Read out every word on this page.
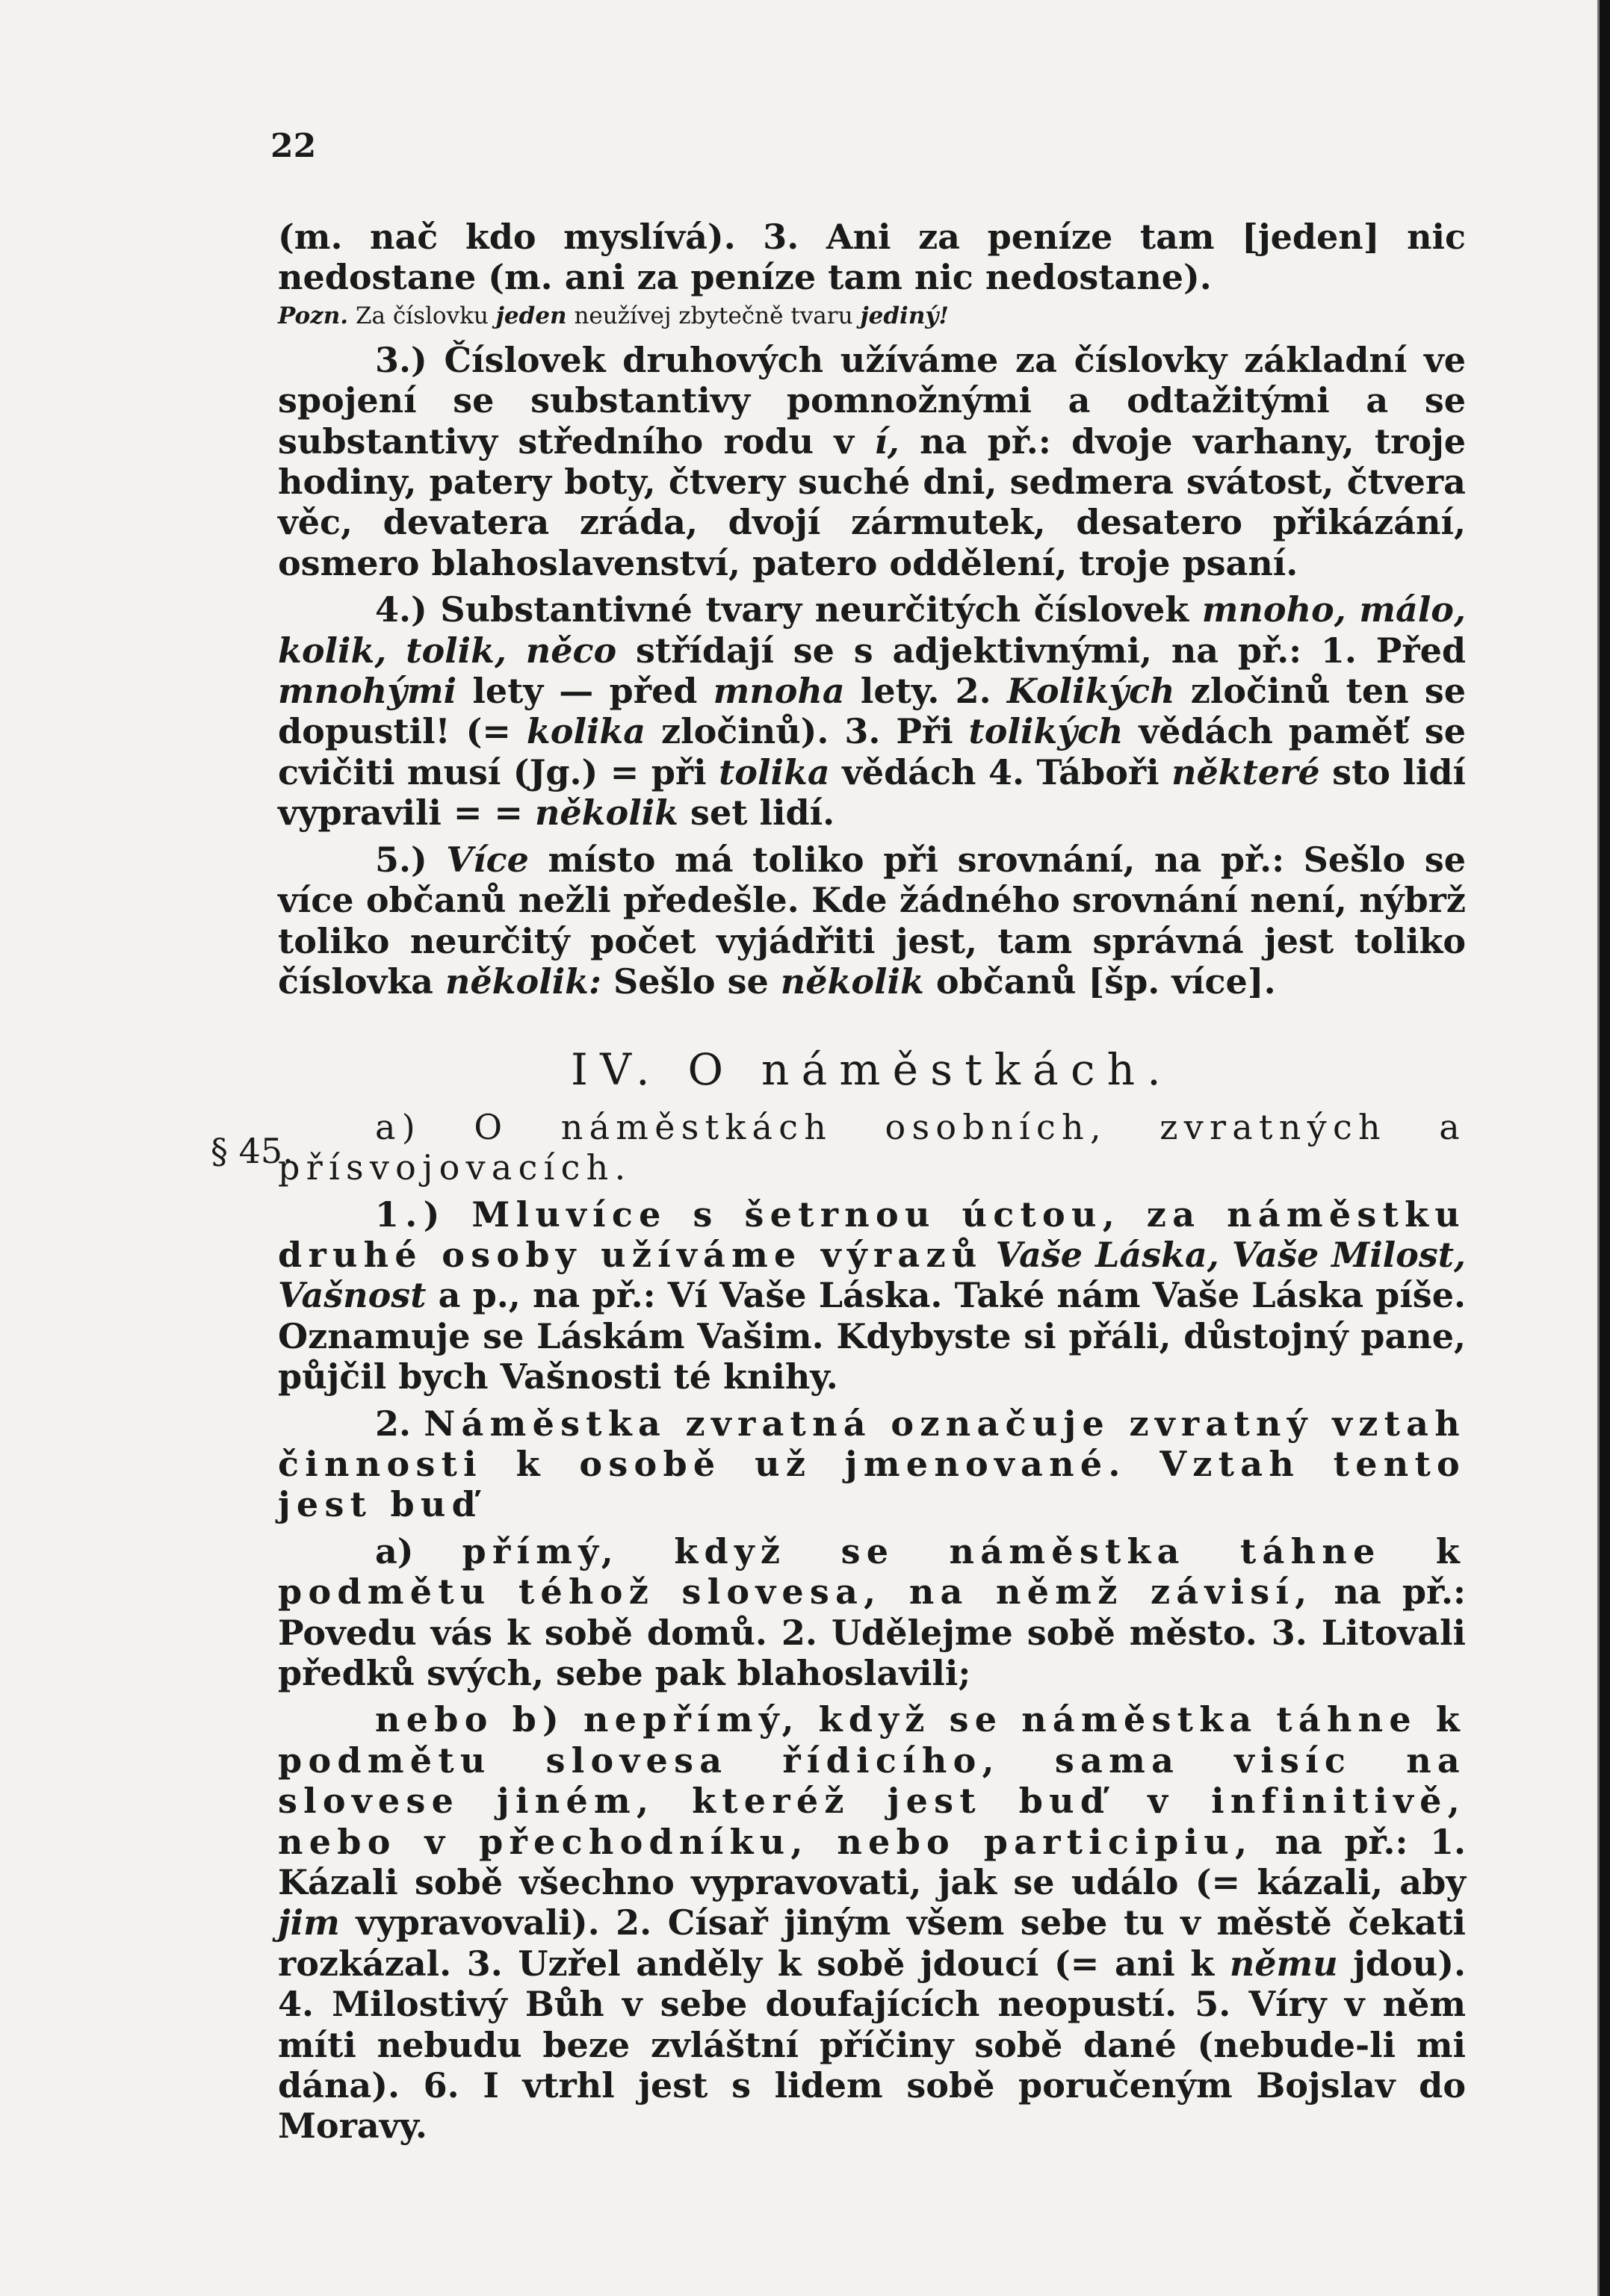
22
§ 45.

(m. nač kdo myslívá). 3. Ani za peníze tam [jeden] nic nedostane (m. ani za peníze tam nic nedostane).

Pozn. Za číslovku jeden neužívej zbytečně tvaru jediný!

3.) Číslovek druhových užíváme za číslovky základní ve spojení se substantivy pomnožnými a odtažitými a se substantivy středního rodu v í, na př.: dvoje varhany, troje hodiny, patery boty, čtvery suché dni, sedmera svátost, čtvera věc, devatera zráda, dvojí zármutek, desatero přikázání, osmero blahoslavenství, patero oddělení, troje psaní.

4.) Substantivné tvary neurčitých číslovek mnoho, málo, kolik, tolik, něco střídají se s adjektivnými, na př.: 1. Před mnohými lety — před mnoha lety. 2. Kolikých zločinů ten se dopustil! (= kolika zločinů). 3. Při tolikých vědách paměť se cvičiti musí (Jg.) = při tolika vědách 4. Táboři některé sto lidí vypravili = = několik set lidí.

5.) Více místo má toliko při srovnání, na př.: Sešlo se více občanů nežli předešle. Kde žádného srovnání není, nýbrž toliko neurčitý počet vyjádřiti jest, tam správná jest toliko číslovka několik: Sešlo se několik občanů [šp. více].

IV. O náměstkách.

a) O náměstkách osobních, zvratných a přísvojovacích.

1.) Mluvíce s šetrnou úctou, za náměstku druhé osoby užíváme výrazů Vaše Láska, Vaše Milost, Vašnost a p., na př.: Ví Vaše Láska. Také nám Vaše Láska píše. Oznamuje se Láskám Vašim. Kdybyste si přáli, důstojný pane, půjčil bych Vašnosti té knihy.

2. Náměstka zvratná označuje zvratný vztah činnosti k osobě už jmenované. Vztah tento jest buď

a) přímý, když se náměstka táhne k podmětu téhož slovesa, na němž závisí, na př.: Povedu vás k sobě domů. 2. Udělejme sobě město. 3. Litovali předků svých, sebe pak blahoslavili;

nebo b) nepřímý, když se náměstka táhne k podmětu slovesa řídicího, sama visíc na slovese jiném, kteréž jest buď v infinitivě, nebo v přechodníku, nebo participiu, na př.: 1. Kázali sobě všechno vypravovati, jak se událo (= kázali, aby jim vypravovali). 2. Císař jiným všem sebe tu v městě čekati rozkázal. 3. Uzřel anděly k sobě jdoucí (= ani k němu jdou). 4. Milostivý Bůh v sebe doufajících neopustí. 5. Víry v něm míti nebudu beze zvláštní příčiny sobě dané (nebude-li mi dána). 6. I vtrhl jest s lidem sobě poručeným Bojslav do Moravy.
